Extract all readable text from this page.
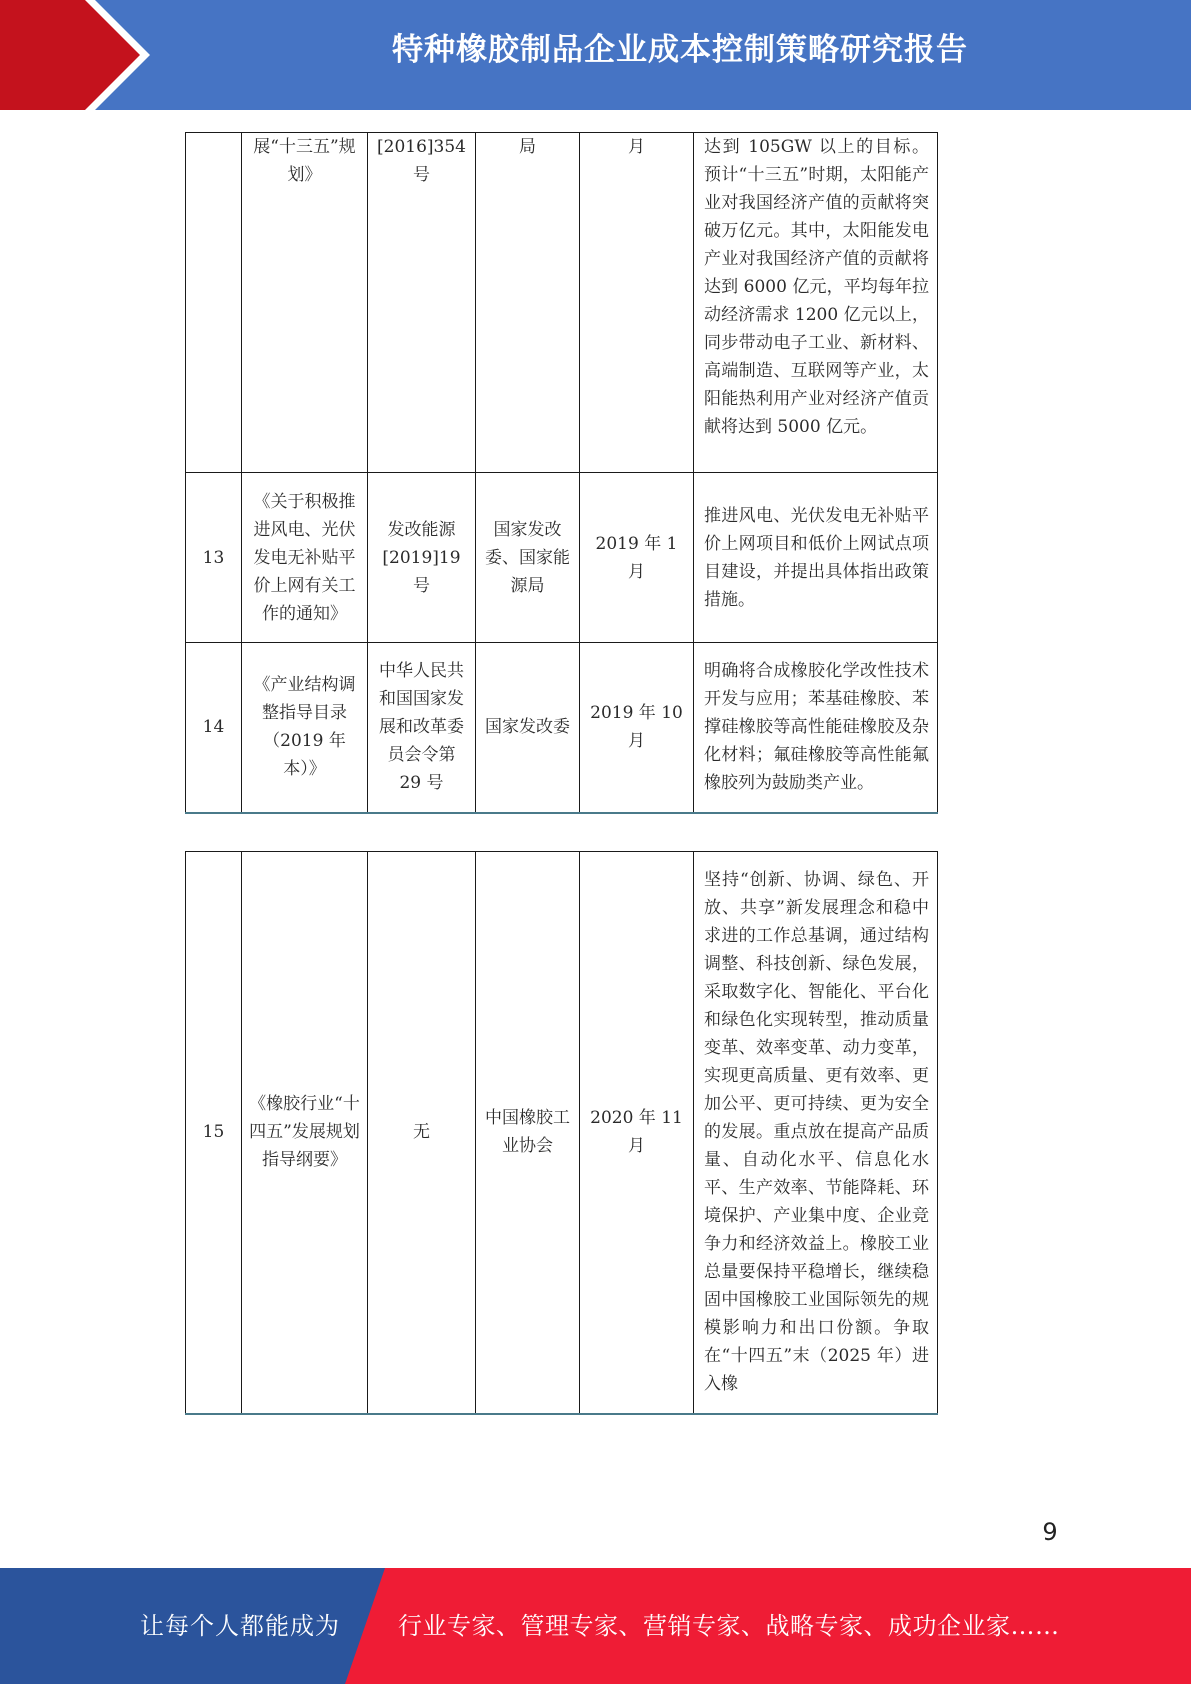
特种橡胶制品企业成本控制策略研究报告
	展“十三五”规划》	[2016]354号	局	月	达到 105GW 以上的目标。预计“十三五”时期，太阳能产业对我国经济产值的贡献将突破万亿元。其中，太阳能发电产业对我国经济产值的贡献将达到 6000 亿元，平均每年拉动经济需求 1200 亿元以上，同步带动电子工业、新材料、高端制造、互联网等产业，太阳能热利用产业对经济产值贡献将达到 5000 亿元。
13	《关于积极推进风电、光伏发电无补贴平价上网有关工作的通知》	发改能源[2019]19号	国家发改委、国家能源局	2019 年 1 月	推进风电、光伏发电无补贴平价上网项目和低价上网试点项目建设，并提出具体指出政策措施。
14	《产业结构调整指导目录（2019 年本）》	中华人民共和国国家发展和改革委员会令第 29 号	国家发改委	2019 年 10 月	明确将合成橡胶化学改性技术开发与应用；苯基硅橡胶、苯撑硅橡胶等高性能硅橡胶及杂化材料；氟硅橡胶等高性能氟橡胶列为鼓励类产业。
15	《橡胶行业“十四五”发展规划指导纲要》	无	中国橡胶工业协会	2020 年 11 月	坚持“创新、协调、绿色、开放、共享”新发展理念和稳中求进的工作总基调，通过结构调整、科技创新、绿色发展，采取数字化、智能化、平台化和绿色化实现转型，推动质量变革、效率变革、动力变革，实现更高质量、更有效率、更加公平、更可持续、更为安全的发展。重点放在提高产品质量、自动化水平、信息化水平、生产效率、节能降耗、环境保护、产业集中度、企业竞争力和经济效益上。橡胶工业总量要保持平稳增长，继续稳固中国橡胶工业国际领先的规模影响力和出口份额。争取在“十四五”末（2025 年）进入橡
9
让每个人都能成为 行业专家、管理专家、营销专家、战略专家、成功企业家……
